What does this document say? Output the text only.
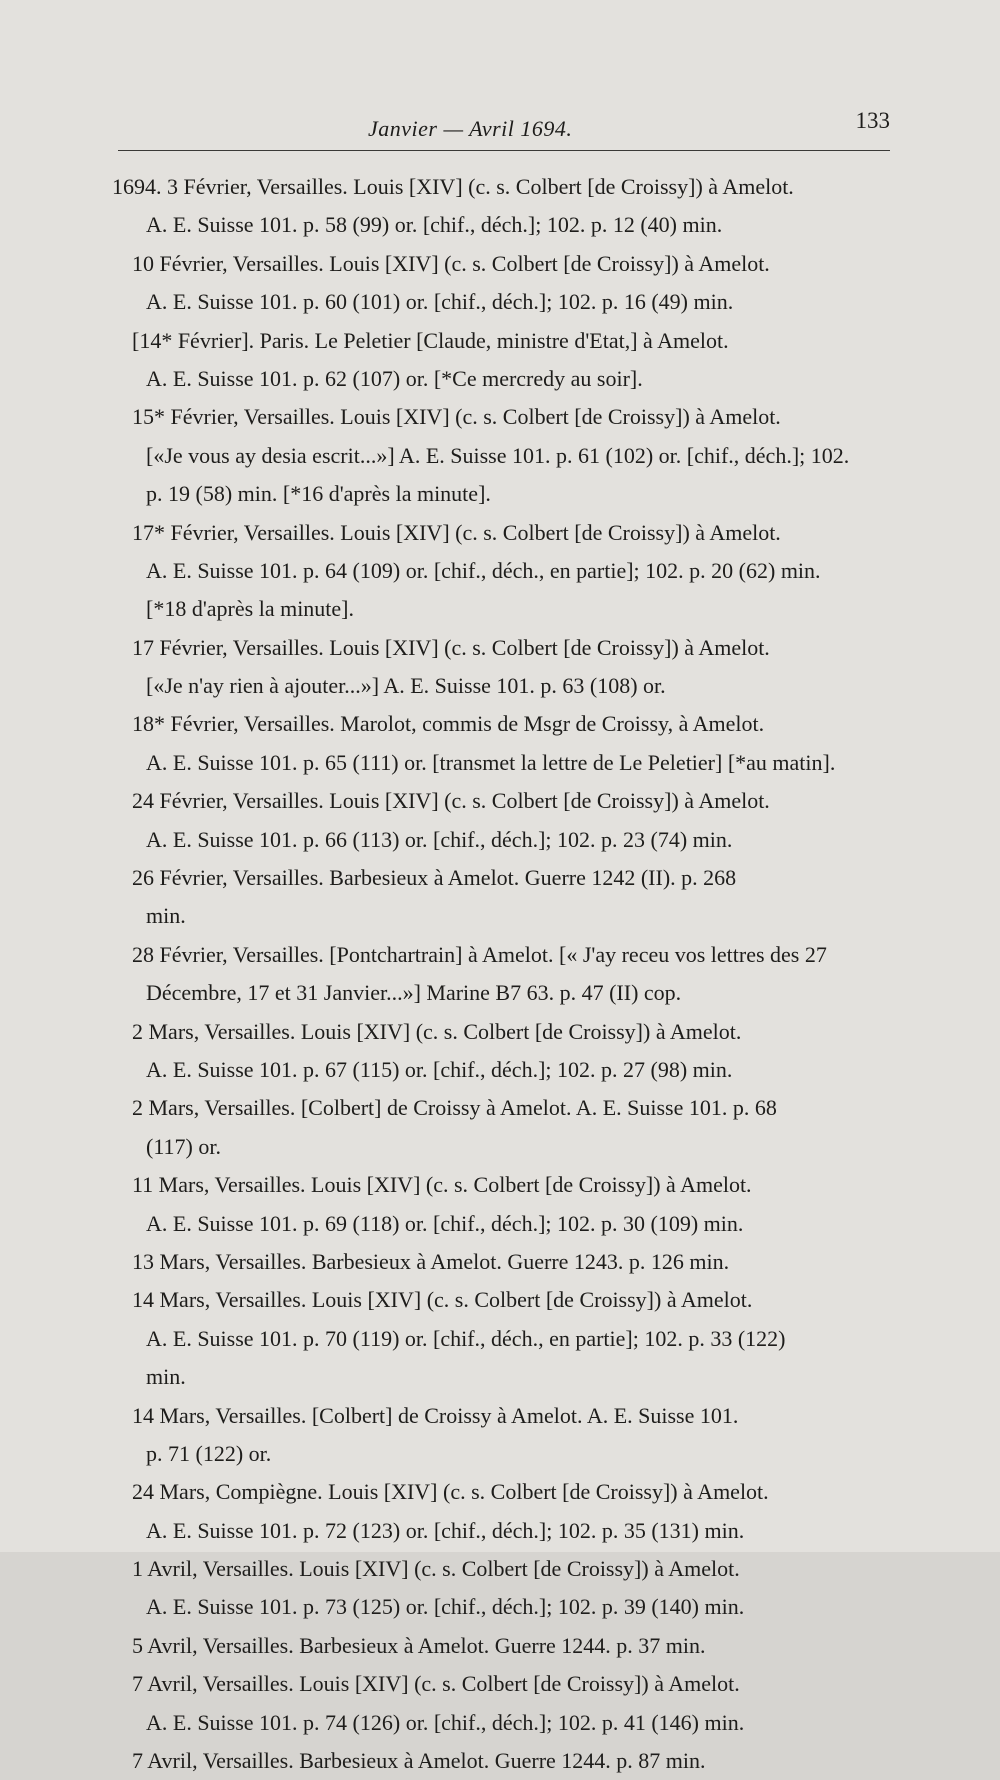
Janvier — Avril 1694.	133
1694. 3 Février, Versailles. Louis [XIV] (c. s. Colbert [de Croissy]) à Amelot.
A. E. Suisse 101. p. 58 (99) or. [chif., déch.]; 102. p. 12 (40) min.
10 Février, Versailles. Louis [XIV] (c. s. Colbert [de Croissy]) à Amelot.
A. E. Suisse 101. p. 60 (101) or. [chif., déch.]; 102. p. 16 (49) min.
[14* Février]. Paris. Le Peletier [Claude, ministre d'Etat,] à Amelot.
A. E. Suisse 101. p. 62 (107) or. [*Ce mercredy au soir].
15* Février, Versailles. Louis [XIV] (c. s. Colbert [de Croissy]) à Amelot.
[«Je vous ay desia escrit...»] A. E. Suisse 101. p. 61 (102) or. [chif., déch.]; 102.
p. 19 (58) min. [*16 d'après la minute].
17* Février, Versailles. Louis [XIV] (c. s. Colbert [de Croissy]) à Amelot.
A. E. Suisse 101. p. 64 (109) or. [chif., déch., en partie]; 102. p. 20 (62) min.
[*18 d'après la minute].
17 Février, Versailles. Louis [XIV] (c. s. Colbert [de Croissy]) à Amelot.
[«Je n'ay rien à ajouter...»] A. E. Suisse 101. p. 63 (108) or.
18* Février, Versailles. Marolot, commis de Msgr de Croissy, à Amelot.
A. E. Suisse 101. p. 65 (111) or. [transmet la lettre de Le Peletier] [*au matin].
24 Février, Versailles. Louis [XIV] (c. s. Colbert [de Croissy]) à Amelot.
A. E. Suisse 101. p. 66 (113) or. [chif., déch.]; 102. p. 23 (74) min.
26 Février, Versailles. Barbesieux à Amelot. Guerre 1242 (II). p. 268
min.
28 Février, Versailles. [Pontchartrain] à Amelot. [« J'ay receu vos lettres des 27
Décembre, 17 et 31 Janvier...»] Marine B7 63. p. 47 (II) cop.
2 Mars, Versailles. Louis [XIV] (c. s. Colbert [de Croissy]) à Amelot.
A. E. Suisse 101. p. 67 (115) or. [chif., déch.]; 102. p. 27 (98) min.
2 Mars, Versailles. [Colbert] de Croissy à Amelot. A. E. Suisse 101. p. 68
(117) or.
11 Mars, Versailles. Louis [XIV] (c. s. Colbert [de Croissy]) à Amelot.
A. E. Suisse 101. p. 69 (118) or. [chif., déch.]; 102. p. 30 (109) min.
13 Mars, Versailles. Barbesieux à Amelot. Guerre 1243. p. 126 min.
14 Mars, Versailles. Louis [XIV] (c. s. Colbert [de Croissy]) à Amelot.
A. E. Suisse 101. p. 70 (119) or. [chif., déch., en partie]; 102. p. 33 (122)
min.
14 Mars, Versailles. [Colbert] de Croissy à Amelot. A. E. Suisse 101.
p. 71 (122) or.
24 Mars, Compiègne. Louis [XIV] (c. s. Colbert [de Croissy]) à Amelot.
A. E. Suisse 101. p. 72 (123) or. [chif., déch.]; 102. p. 35 (131) min.
1 Avril, Versailles. Louis [XIV] (c. s. Colbert [de Croissy]) à Amelot.
A. E. Suisse 101. p. 73 (125) or. [chif., déch.]; 102. p. 39 (140) min.
5 Avril, Versailles. Barbesieux à Amelot. Guerre 1244. p. 37 min.
7 Avril, Versailles. Louis [XIV] (c. s. Colbert [de Croissy]) à Amelot.
A. E. Suisse 101. p. 74 (126) or. [chif., déch.]; 102. p. 41 (146) min.
7 Avril, Versailles. Barbesieux à Amelot. Guerre 1244. p. 87 min.
